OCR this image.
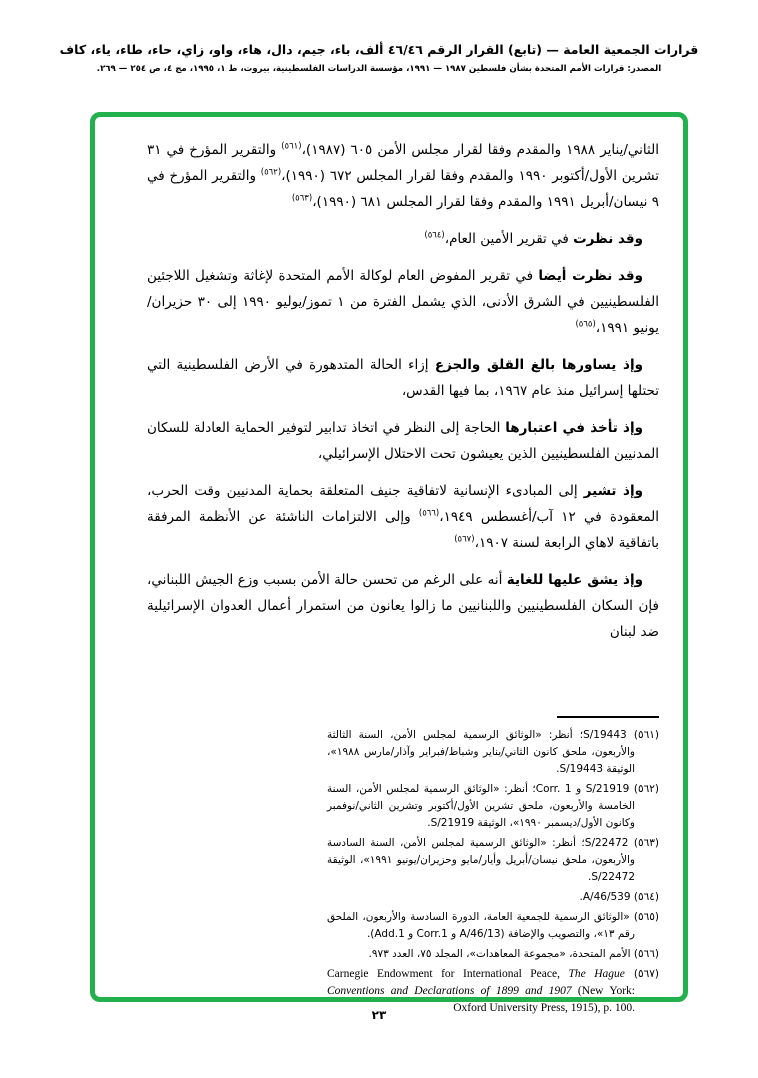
قرارات الجمعية العامة — (تابع) القرار الرقم ٤٦/٤٦ ألف، باء، جيم، دال، هاء، واو، زاي، حاء، طاء، ياء، كاف
المصدر: قرارات الأمم المتحدة بشأن فلسطين ١٩٨٧ — ١٩٩١، مؤسسة الدراسات الفلسطينية، بيروت، ط ١، ١٩٩٥، مج ٤، ص ٢٥٤ — ٢٦٩.

الثاني/يناير ١٩٨٨ والمقدم وفقا لقرار مجلس الأمن ٦٠٥ (١٩٨٧)،$^{(٥٦١)}$ والتقرير المؤرخ في ٣١ تشرين الأول/أكتوبر ١٩٩٠ والمقدم وفقا لقرار المجلس ٦٧٢ (١٩٩٠)،$^{(٥٦٢)}$ والتقرير المؤرخ في ٩ نيسان/أبريل ١٩٩١ والمقدم وفقا لقرار المجلس ٦٨١ (١٩٩٠)،$^{(٥٦٣)}$

وقد نظرت في تقرير الأمين العام،$^{(٥٦٤)}$

وقد نظرت أيضا في تقرير المفوض العام لوكالة الأمم المتحدة لإغاثة وتشغيل اللاجئين الفلسطينيين في الشرق الأدنى، الذي يشمل الفترة من ١ تموز/يوليو ١٩٩٠ إلى ٣٠ حزيران/يونيو ١٩٩١،$^{(٥٦٥)}$

وإذ يساورها بالغ القلق والجزع إزاء الحالة المتدهورة في الأرض الفلسطينية التي تحتلها إسرائيل منذ عام ١٩٦٧، بما فيها القدس،

وإذ تأخذ في اعتبارها الحاجة إلى النظر في اتخاذ تدابير لتوفير الحماية العادلة للسكان المدنيين الفلسطينيين الذين يعيشون تحت الاحتلال الإسرائيلي،

وإذ تشير إلى المبادىء الإنسانية لاتفاقية جنيف المتعلقة بحماية المدنيين وقت الحرب، المعقودة في ١٢ آب/أغسطس ١٩٤٩،$^{(٥٦٦)}$ وإلى الالتزامات الناشئة عن الأنظمة المرفقة باتفاقية لاهاي الرابعة لسنة ١٩٠٧،$^{(٥٦٧)}$

وإذ يشق عليها للغاية أنه على الرغم من تحسن حالة الأمن بسبب وزع الجيش اللبناني، فإن السكان الفلسطينيين واللبنانيين ما زالوا يعانون من استمرار أعمال العدوان الإسرائيلية ضد لبنان

(٥٦١) S/19443؛ أنظر: «الوثائق الرسمية لمجلس الأمن، السنة الثالثة والأربعون، ملحق كانون الثاني/يناير وشباط/فبراير وآذار/مارس ١٩٨٨»، الوثيقة S/19443.
(٥٦٢) S/21919 و Corr. 1؛ أنظر: «الوثائق الرسمية لمجلس الأمن، السنة الخامسة والأربعون، ملحق تشرين الأول/أكتوبر وتشرين الثاني/نوفمبر وكانون الأول/ديسمبر ١٩٩٠»، الوثيقة S/21919.
(٥٦٣) S/22472؛ أنظر: «الوثائق الرسمية لمجلس الأمن، السنة السادسة والأربعون، ملحق نيسان/أبريل وأيار/مايو وحزيران/يونيو ١٩٩١»، الوثيقة S/22472.
(٥٦٤) A/46/539.
(٥٦٥) «الوثائق الرسمية للجمعية العامة، الدورة السادسة والأربعون، الملحق رقم ١٣»، والتصويب والإضافة (A/46/13 و Corr.1 و Add.1).
(٥٦٦) الأمم المتحدة، «مجموعة المعاهدات»، المجلد ٧٥، العدد ٩٧٣.
(٥٦٧) Carnegie Endowment for International Peace, The Hague Conventions and Declarations of 1899 and 1907 (New York: Oxford University Press, 1915), p. 100.
٢٣
